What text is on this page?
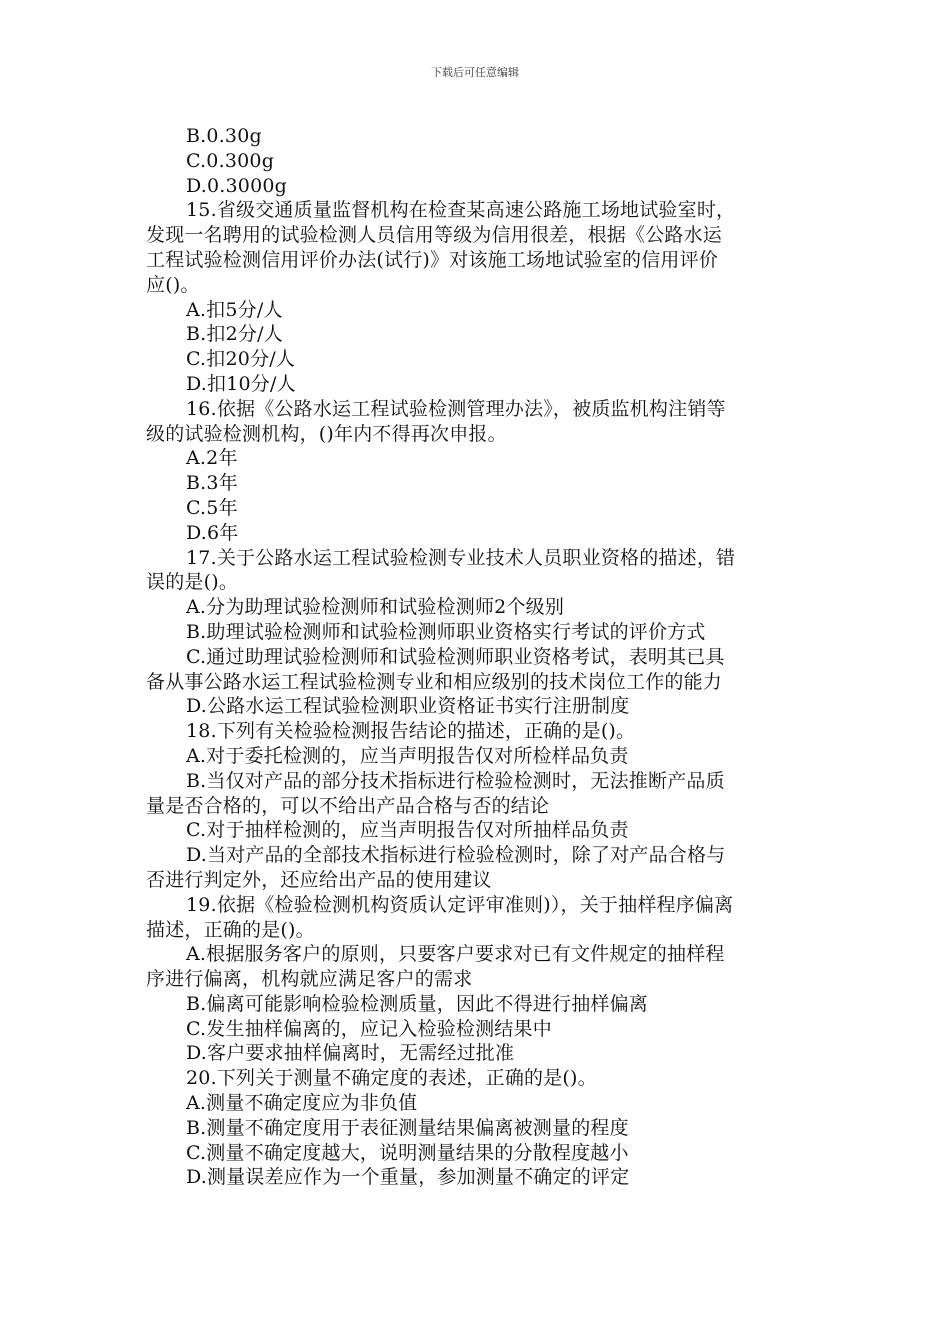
下载后可任意编辑
B.0.30g
C.0.300g
D.0.3000g
15.省级交通质量监督机构在检查某高速公路施工场地试验室时，
发现一名聘用的试验检测人员信用等级为信用很差，根据《公路水运
工程试验检测信用评价办法(试行)》对该施工场地试验室的信用评价
应()。
A.扣5分/人
B.扣2分/人
C.扣20分/人
D.扣10分/人
16.依据《公路水运工程试验检测管理办法》，被质监机构注销等
级的试验检测机构，()年内不得再次申报。
A.2年
B.3年
C.5年
D.6年
17.关于公路水运工程试验检测专业技术人员职业资格的描述，错
误的是()。
A.分为助理试验检测师和试验检测师2个级别
B.助理试验检测师和试验检测师职业资格实行考试的评价方式
C.通过助理试验检测师和试验检测师职业资格考试，表明其已具
备从事公路水运工程试验检测专业和相应级别的技术岗位工作的能力
D.公路水运工程试验检测职业资格证书实行注册制度
18.下列有关检验检测报告结论的描述，正确的是()。
A.对于委托检测的，应当声明报告仅对所检样品负责
B.当仅对产品的部分技术指标进行检验检测时，无法推断产品质
量是否合格的，可以不给出产品合格与否的结论
C.对于抽样检测的，应当声明报告仅对所抽样品负责
D.当对产品的全部技术指标进行检验检测时，除了对产品合格与
否进行判定外，还应给出产品的使用建议
19.依据《检验检测机构资质认定评审准则)），关于抽样程序偏离
描述，正确的是()。
A.根据服务客户的原则，只要客户要求对已有文件规定的抽样程
序进行偏离，机构就应满足客户的需求
B.偏离可能影响检验检测质量，因此不得进行抽样偏离
C.发生抽样偏离的，应记入检验检测结果中
D.客户要求抽样偏离时，无需经过批准
20.下列关于测量不确定度的表述，正确的是()。
A.测量不确定度应为非负值
B.测量不确定度用于表征测量结果偏离被测量的程度
C.测量不确定度越大，说明测量结果的分散程度越小
D.测量误差应作为一个重量，参加测量不确定的评定
